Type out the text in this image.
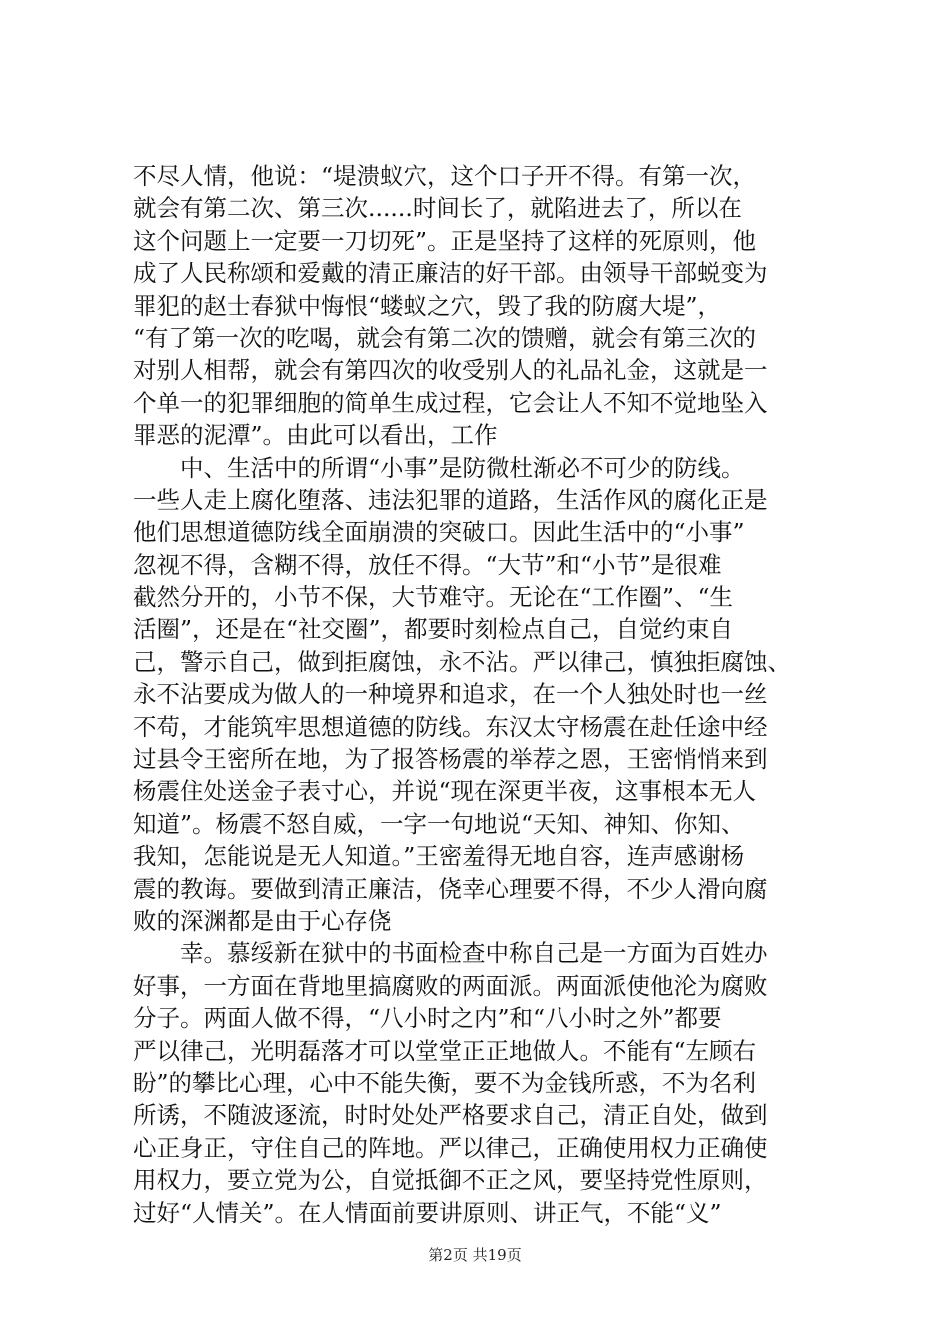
不尽人情，他说：“堤溃蚁穴，这个口子开不得。有第一次，
就会有第二次、第三次......时间长了，就陷进去了，所以在
这个问题上一定要一刀切死”。正是坚持了这样的死原则，他
成了人民称颂和爱戴的清正廉洁的好干部。由领导干部蜕变为
罪犯的赵士春狱中悔恨“蝼蚁之穴，毁了我的防腐大堤”，
“有了第一次的吃喝，就会有第二次的馈赠，就会有第三次的
对别人相帮，就会有第四次的收受别人的礼品礼金，这就是一
个单一的犯罪细胞的简单生成过程，它会让人不知不觉地坠入
罪恶的泥潭”。由此可以看出，工作
中、生活中的所谓“小事”是防微杜渐必不可少的防线。
一些人走上腐化堕落、违法犯罪的道路，生活作风的腐化正是
他们思想道德防线全面崩溃的突破口。因此生活中的“小事”
忽视不得，含糊不得，放任不得。“大节”和“小节”是很难
截然分开的，小节不保，大节难守。无论在“工作圈”、“生
活圈”，还是在“社交圈”，都要时刻检点自己，自觉约束自
己，警示自己，做到拒腐蚀，永不沾。严以律己，慎独拒腐蚀、
永不沾要成为做人的一种境界和追求，在一个人独处时也一丝
不苟，才能筑牢思想道德的防线。东汉太守杨震在赴任途中经
过县令王密所在地，为了报答杨震的举荐之恩，王密悄悄来到
杨震住处送金子表寸心，并说“现在深更半夜，这事根本无人
知道”。杨震不怒自威，一字一句地说“天知、神知、你知、
我知，怎能说是无人知道。”王密羞得无地自容，连声感谢杨
震的教诲。要做到清正廉洁，侥幸心理要不得，不少人滑向腐
败的深渊都是由于心存侥
幸。慕绥新在狱中的书面检查中称自己是一方面为百姓办
好事，一方面在背地里搞腐败的两面派。两面派使他沦为腐败
分子。两面人做不得，“八小时之内”和“八小时之外”都要
严以律己，光明磊落才可以堂堂正正地做人。不能有“左顾右
盼”的攀比心理，心中不能失衡，要不为金钱所惑，不为名利
所诱，不随波逐流，时时处处严格要求自己，清正自处，做到
心正身正，守住自己的阵地。严以律己，正确使用权力正确使
用权力，要立党为公，自觉抵御不正之风，要坚持党性原则，
过好“人情关”。在人情面前要讲原则、讲正气，不能“义”
第2页 共19页
